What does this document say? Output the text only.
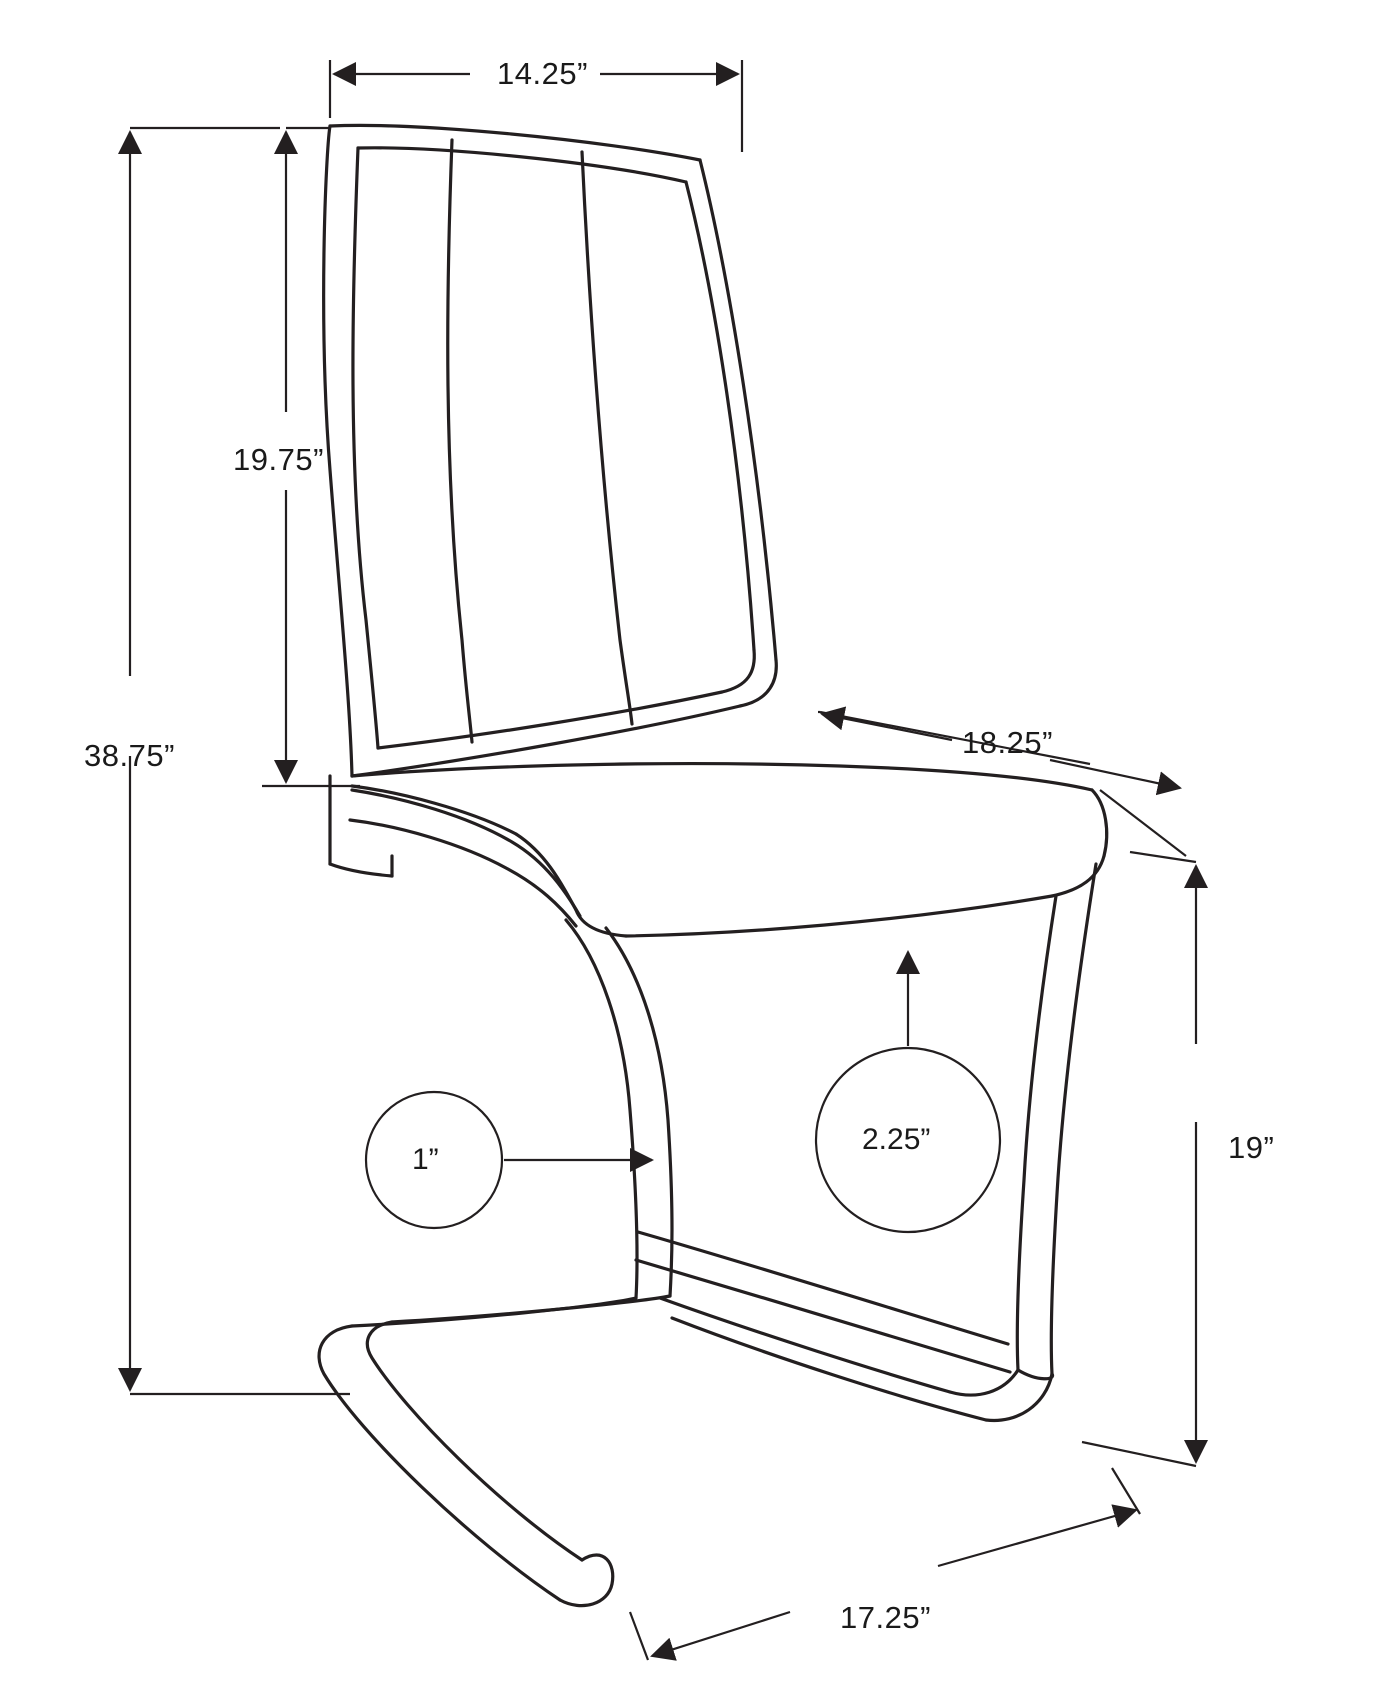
14.25”
19.75”
38.75”	18.25”
19”
17.25”
1”
2.25”
